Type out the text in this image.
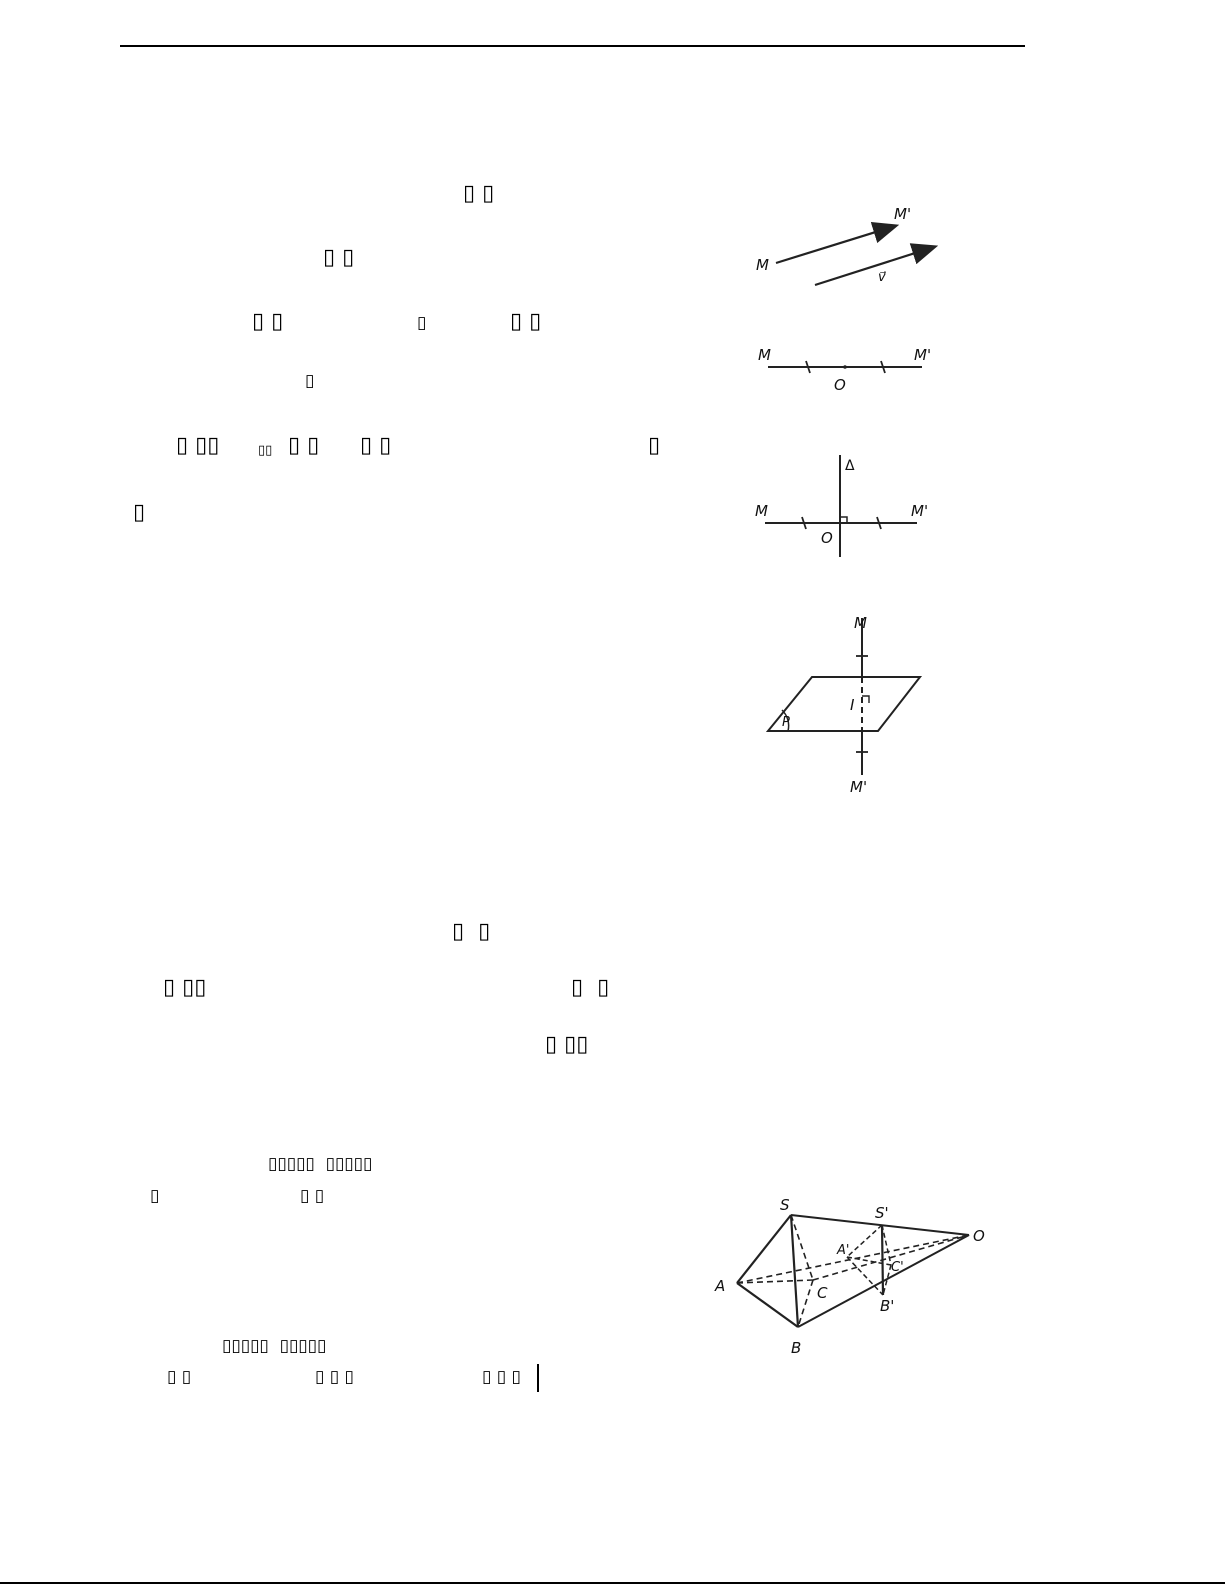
▯ ▯
▯ ▯
▯ ▯	▯	▯ ▯
▯
▯ ▯▯	▯▯ ▯ ▯ ▯ ▯	▯
▯
▯  ▯
▯ ▯▯	▯  ▯
▯ ▯▯
▯▯▯▯▯  ▯▯▯▯▯
▯	▯ ▯
▯▯▯▯▯  ▯▯▯▯▯
▯ ▯	▯ ▯ ▯	▯ ▯ ▯
M
M'
v⃗
M	M'
O
Δ
M	M'
O
M
M'
I
P
S	S'
A
A'
B
B'
C
C'
O
